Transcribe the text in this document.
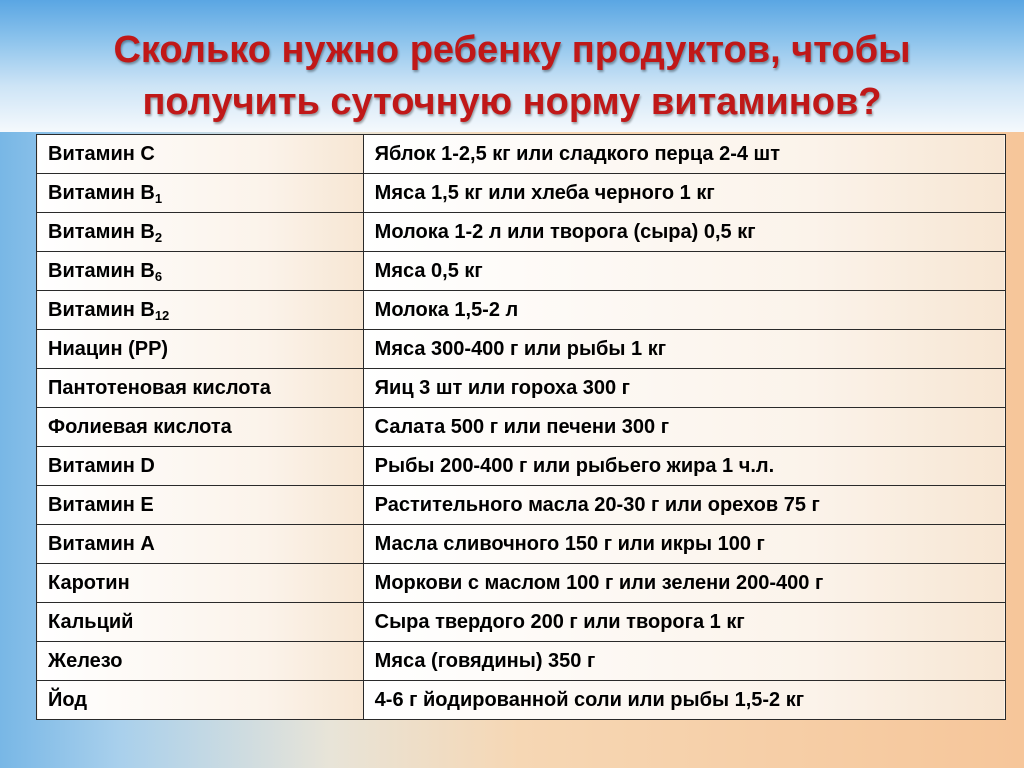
Сколько нужно ребенку продуктов, чтобы
получить суточную норму витаминов?
Витамин С	Яблок 1-2,5 кг или сладкого перца 2-4 шт
Витамин $В_1$	Мяса 1,5 кг или хлеба черного 1 кг
Витамин $В_2$	Молока 1-2 л или творога (сыра) 0,5 кг
Витамин $В_6$	Мяса 0,5 кг
Витамин $В_{12}$	Молока 1,5-2 л
Ниацин (РР)	Мяса 300-400 г или рыбы 1 кг
Пантотеновая кислота	Яиц 3 шт или гороха 300 г
Фолиевая кислота	Салата 500 г или печени 300 г
Витамин D	Рыбы 200-400 г или рыбьего жира 1 ч.л.
Витамин Е	Растительного масла 20-30 г или орехов 75 г
Витамин А	Масла сливочного 150 г или икры 100 г
Каротин	Моркови с маслом 100 г или зелени 200-400 г
Кальций	Сыра твердого 200 г или творога 1 кг
Железо	Мяса (говядины) 350 г
Йод	4-6 г йодированной соли или рыбы 1,5-2 кг
